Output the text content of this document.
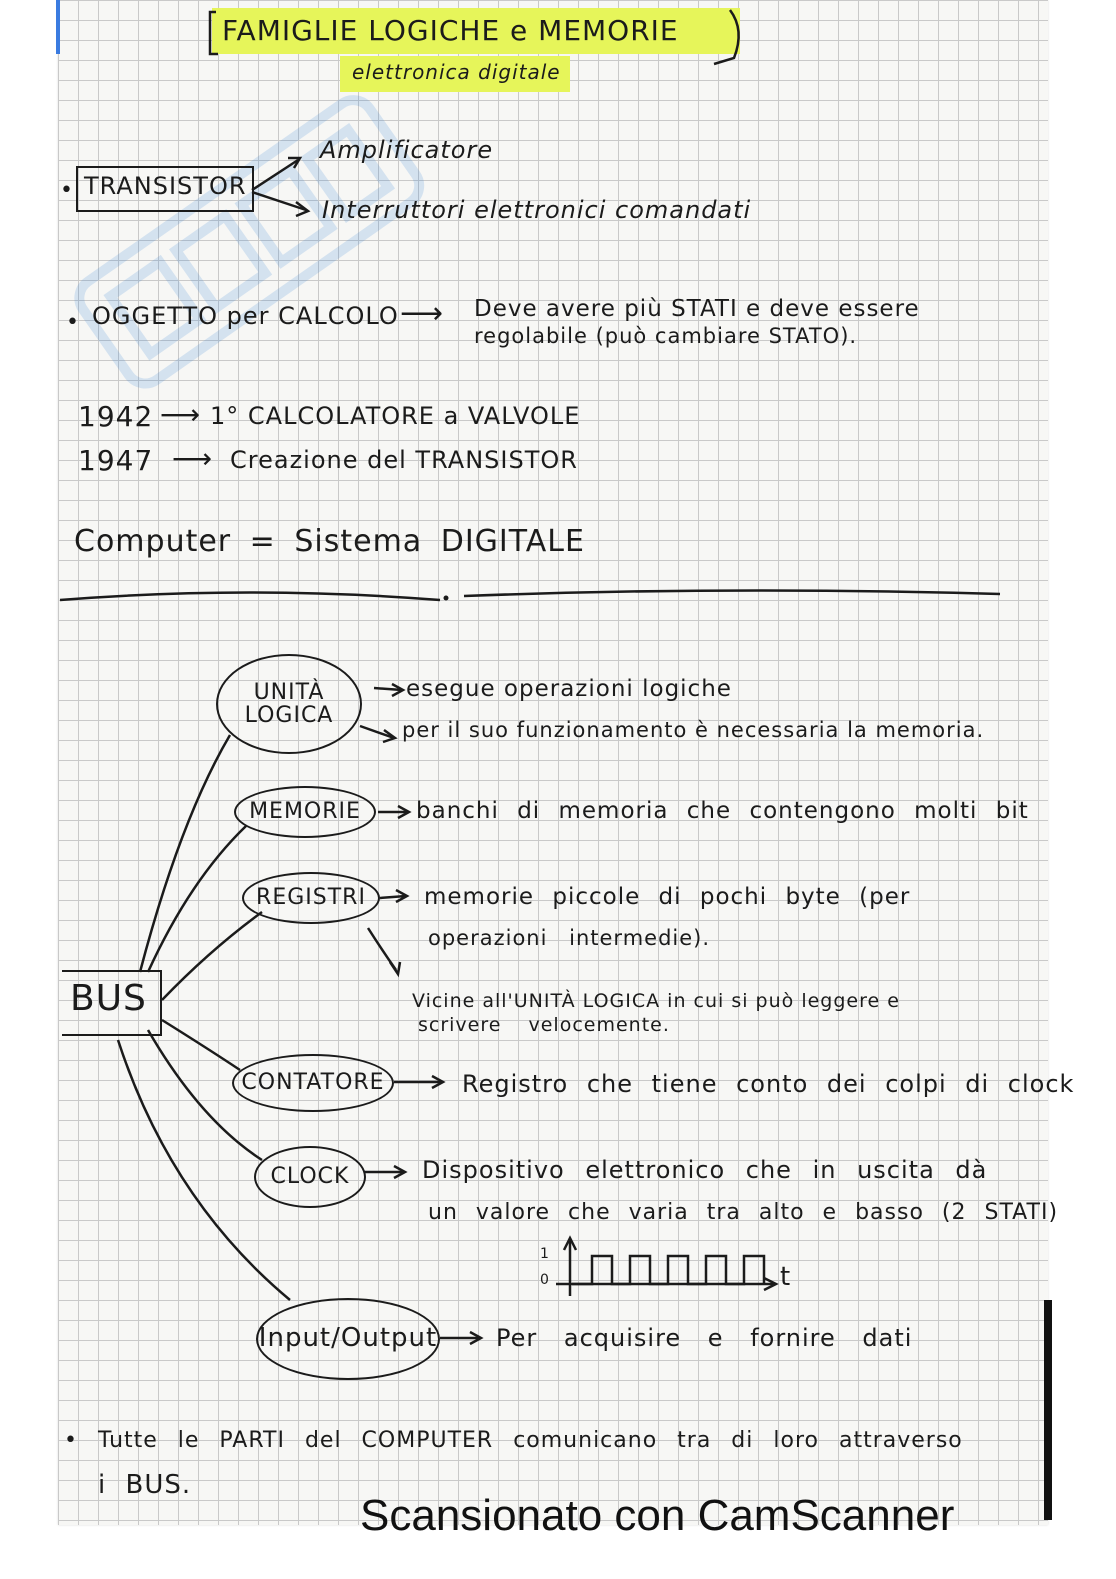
FAMIGLIE LOGICHE e MEMORIE
elettronica digitale
• TRANSISTOR
Amplificatore
Interruttori elettronici comandati
• OGGETTO per CALCOLO ⟶ Deve avere più STATI e deve essere
regolabile (può cambiare STATO).
1942 ⟶ 1° CALCOLATORE a VALVOLE
1947 ⟶ Creazione del TRANSISTOR
Computer = Sistema DIGITALE
BUS
UNITÀ LOGICA
MEMORIE
REGISTRI
CONTATORE
CLOCK
Input/Output
esegue operazioni logiche
per il suo funzionamento è necessaria la memoria.
banchi di memoria che contengono molti bit
memorie piccole di pochi byte (per
operazioni intermedie).
Vicine all'UNITÀ LOGICA in cui si può leggere e
scrivere velocemente.
Registro che tiene conto dei colpi di clock
Dispositivo elettronico che in uscita dà
un valore che varia tra alto e basso (2 STATI)
1
0	t
Per acquisire e fornire dati
• Tutte le PARTI del COMPUTER comunicano tra di loro attraverso
i BUS.
Scansionato con CamScanner
